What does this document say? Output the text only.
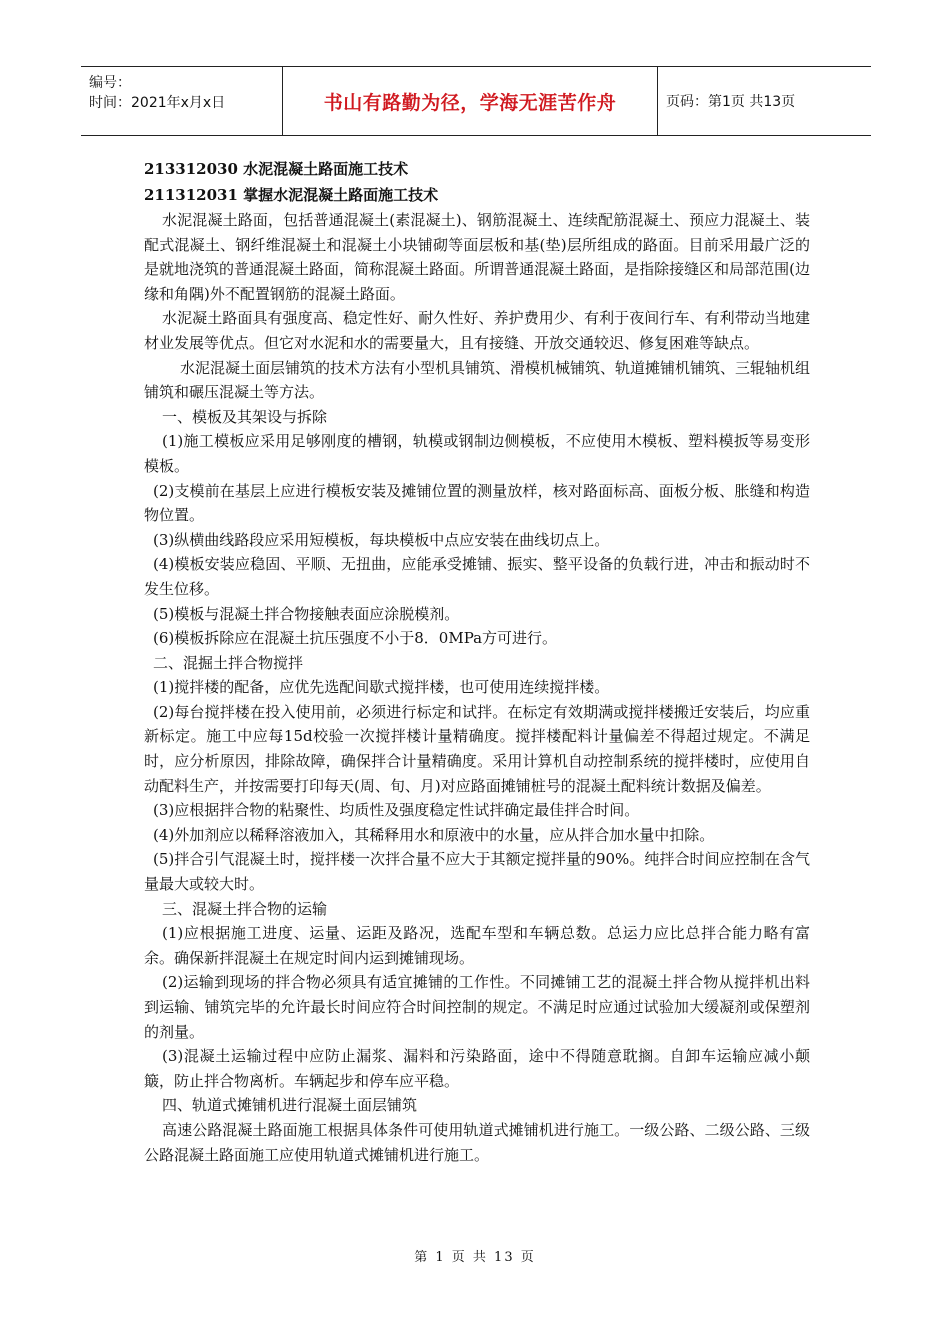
编号：
时间：2021年x月x日	书山有路勤为径，学海无涯苦作舟	页码：第1页 共13页
213312030 水泥混凝土路面施工技术
211312031 掌握水泥混凝土路面施工技术

水泥混凝土路面，包括普通混凝土(素混凝土)、钢筋混凝土、连续配筋混凝土、预应力混凝土、装配式混凝土、钢纤维混凝土和混凝土小块铺砌等面层板和基(垫)层所组成的路面。目前采用最广泛的是就地浇筑的普通混凝土路面，简称混凝土路面。所谓普通混凝土路面，是指除接缝区和局部范围(边缘和角隅)外不配置钢筋的混凝土路面。

水泥凝土路面具有强度高、稳定性好、耐久性好、养护费用少、有利于夜间行车、有利带动当地建材业发展等优点。但它对水泥和水的需要量大，且有接缝、开放交通较迟、修复困难等缺点。

水泥混凝土面层铺筑的技术方法有小型机具铺筑、滑模机械铺筑、轨道摊铺机铺筑、三辊轴机组铺筑和碾压混凝土等方法。

一、模板及其架设与拆除

(1)施工模板应采用足够刚度的槽钢，轨模或钢制边侧模板，不应使用木模板、塑料模扳等易变形模板。

(2)支模前在基层上应进行模板安装及摊铺位置的测量放样，核对路面标高、面板分板、胀缝和构造物位置。

(3)纵横曲线路段应采用短模板，每块模板中点应安装在曲线切点上。

(4)模板安装应稳固、平顺、无扭曲，应能承受摊铺、振实、整平设备的负载行进，冲击和振动时不发生位移。

(5)模板与混凝土拌合物接触表面应涂脱模剂。

(6)模板拆除应在混凝土抗压强度不小于8．0MPa方可进行。

二、混掘土拌合物搅拌

(1)搅拌楼的配备，应优先选配间歇式搅拌楼，也可使用连续搅拌楼。

(2)每台搅拌楼在投入使用前，必须进行标定和试拌。在标定有效期满或搅拌楼搬迁安装后，均应重新标定。施工中应每15d校验一次搅拌楼计量精确度。搅拌楼配料计量偏差不得超过规定。不满足时，应分析原因，排除故障，确保拌合计量精确度。采用计算机自动控制系统的搅拌楼时，应使用自动配料生产，并按需要打印每天(周、旬、月)对应路面摊铺桩号的混凝土配料统计数据及偏差。

(3)应根据拌合物的粘聚性、均质性及强度稳定性试拌确定最佳拌合时间。

(4)外加剂应以稀释溶液加入，其稀释用水和原液中的水量，应从拌合加水量中扣除。

(5)拌合引气混凝土时，搅拌楼一次拌合量不应大于其额定搅拌量的90%。纯拌合时间应控制在含气量最大或较大时。

三、混凝土拌合物的运输

(1)应根据施工进度、运量、运距及路况，选配车型和车辆总数。总运力应比总拌合能力略有富余。确保新拌混凝土在规定时间内运到摊铺现场。

(2)运输到现场的拌合物必须具有适宜摊铺的工作性。不同摊铺工艺的混凝土拌合物从搅拌机出料到运输、铺筑完毕的允许最长时间应符合时间控制的规定。不满足时应通过试验加大缓凝剂或保塑剂的剂量。

(3)混凝土运输过程中应防止漏浆、漏料和污染路面，途中不得随意耽搁。自卸车运输应减小颠簸，防止拌合物离析。车辆起步和停车应平稳。

四、轨道式摊铺机进行混凝土面层铺筑

高速公路混凝土路面施工根据具体条件可使用轨道式摊铺机进行施工。一级公路、二级公路、三级公路混凝土路面施工应使用轨道式摊铺机进行施工。

第 1 页 共 13 页
